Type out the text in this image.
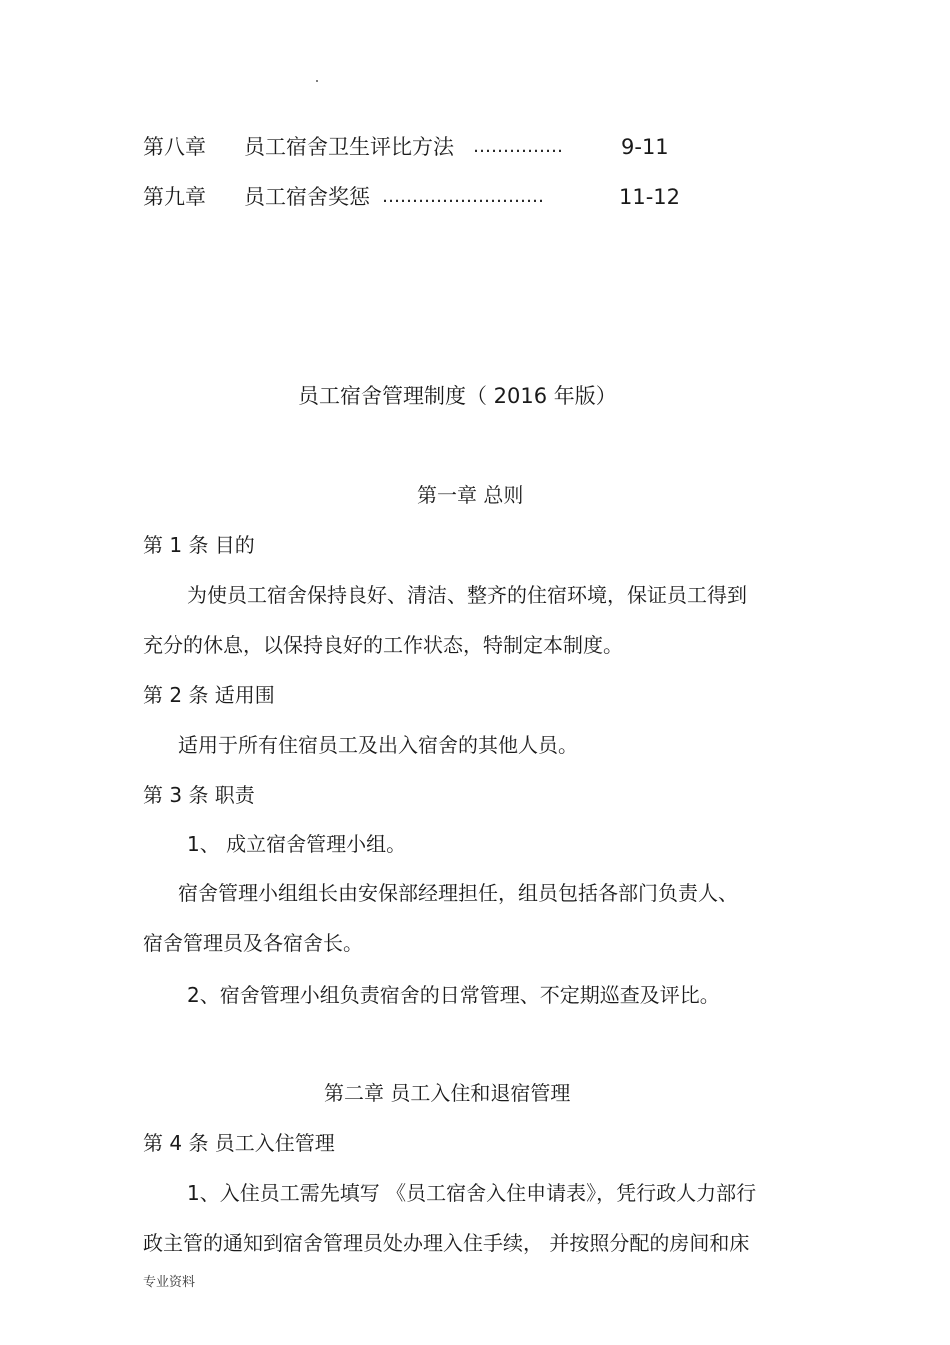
第八章 员工宿舍卫生评比方法 ……………	9-11
第九章 员工宿舍奖惩 ………………………	11-12
员工宿舍管理制度（ 2016 年版）
第一章 总则
第 1 条 目的
为使员工宿舍保持良好、清洁、整齐的住宿环境，保证员工得到
充分的休息，以保持良好的工作状态，特制定本制度。
第 2 条 适用围
适用于所有住宿员工及出入宿舍的其他人员。
第 3 条 职责
1、 成立宿舍管理小组。
宿舍管理小组组长由安保部经理担任，组员包括各部门负责人、
宿舍管理员及各宿舍长。
2、宿舍管理小组负责宿舍的日常管理、不定期巡查及评比。
第二章 员工入住和退宿管理
第 4 条 员工入住管理
1、入住员工需先填写 《员工宿舍入住申请表》，凭行政人力部行
政主管的通知到宿舍管理员处办理入住手续， 并按照分配的房间和床
专业资料
